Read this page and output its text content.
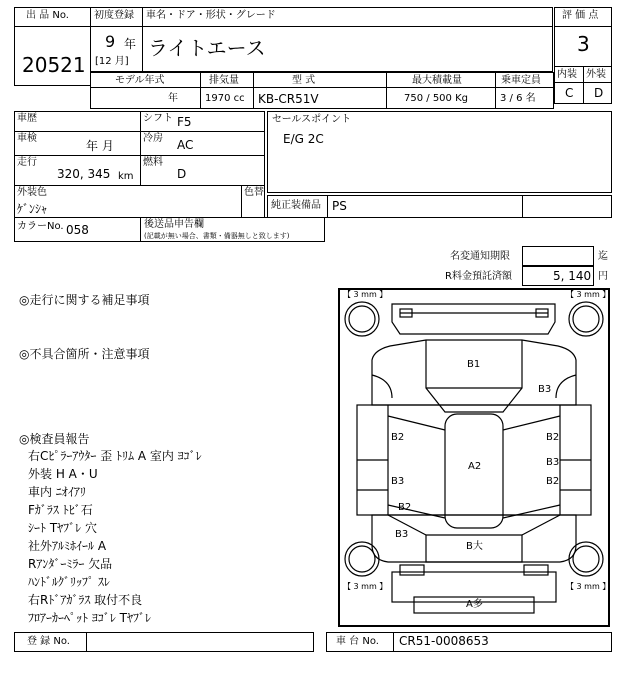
出 品 No.
20521
初度登録 車名・ドア・形状・グレード
9 年
[12 月]
ライトエース
評 価 点
3
内装 外装
C D
モデル年式	排気量	型 式	最大積載量	乗車定員
年	1970 cc KB-CR51V	750 / 500 Kg	3 / 6 名
車歴	シフト F5
車検
年 月
冷房 AC
走行
320, 345 km
燃料
D
セールスポイント
E/G 2C
外装色
ｹﾞﾝｼｬ
色替
純正装備品 PS
カラーNo. 058	後送品申告欄
(記載が無い場合、書類・備器無しと致します)
名変通知期限	迄
R料金預託済額	5, 140 円
◎走行に関する補足事項
◎不具合箇所・注意事項
◎検査員報告
右Cﾋﾟﾗｰｱｳﾀｰ 歪 ﾄﾘﾑ A 室内 ﾖｺﾞﾚ
外装 H A・U
車内 ﾆｵｲｱﾘ
Fｶﾞﾗｽ ﾄﾋﾞ石
ｼｰﾄ Tﾔﾌﾞﾚ 穴
社外ｱﾙﾐﾎｲｰﾙ A
Rｱﾝﾀﾞｰﾐﾗｰ 欠品
ﾊﾝﾄﾞﾙｸﾞﾘｯﾌﾟ ｽﾚ
右Rﾄﾞｱｶﾞﾗｽ 取付不良
ﾌﾛｱｰｶｰﾍﾟｯﾄ ﾖｺﾞﾚ Tﾔﾌﾞﾚ
【 3 mm 】	【 3 mm 】
【 3 mm 】	【 3 mm 】
B1
B3
B2	B2
A2	B3
B3	B2
B2
B3
B大
A多
登 録 No.	車 台 No. CR51-0008653
